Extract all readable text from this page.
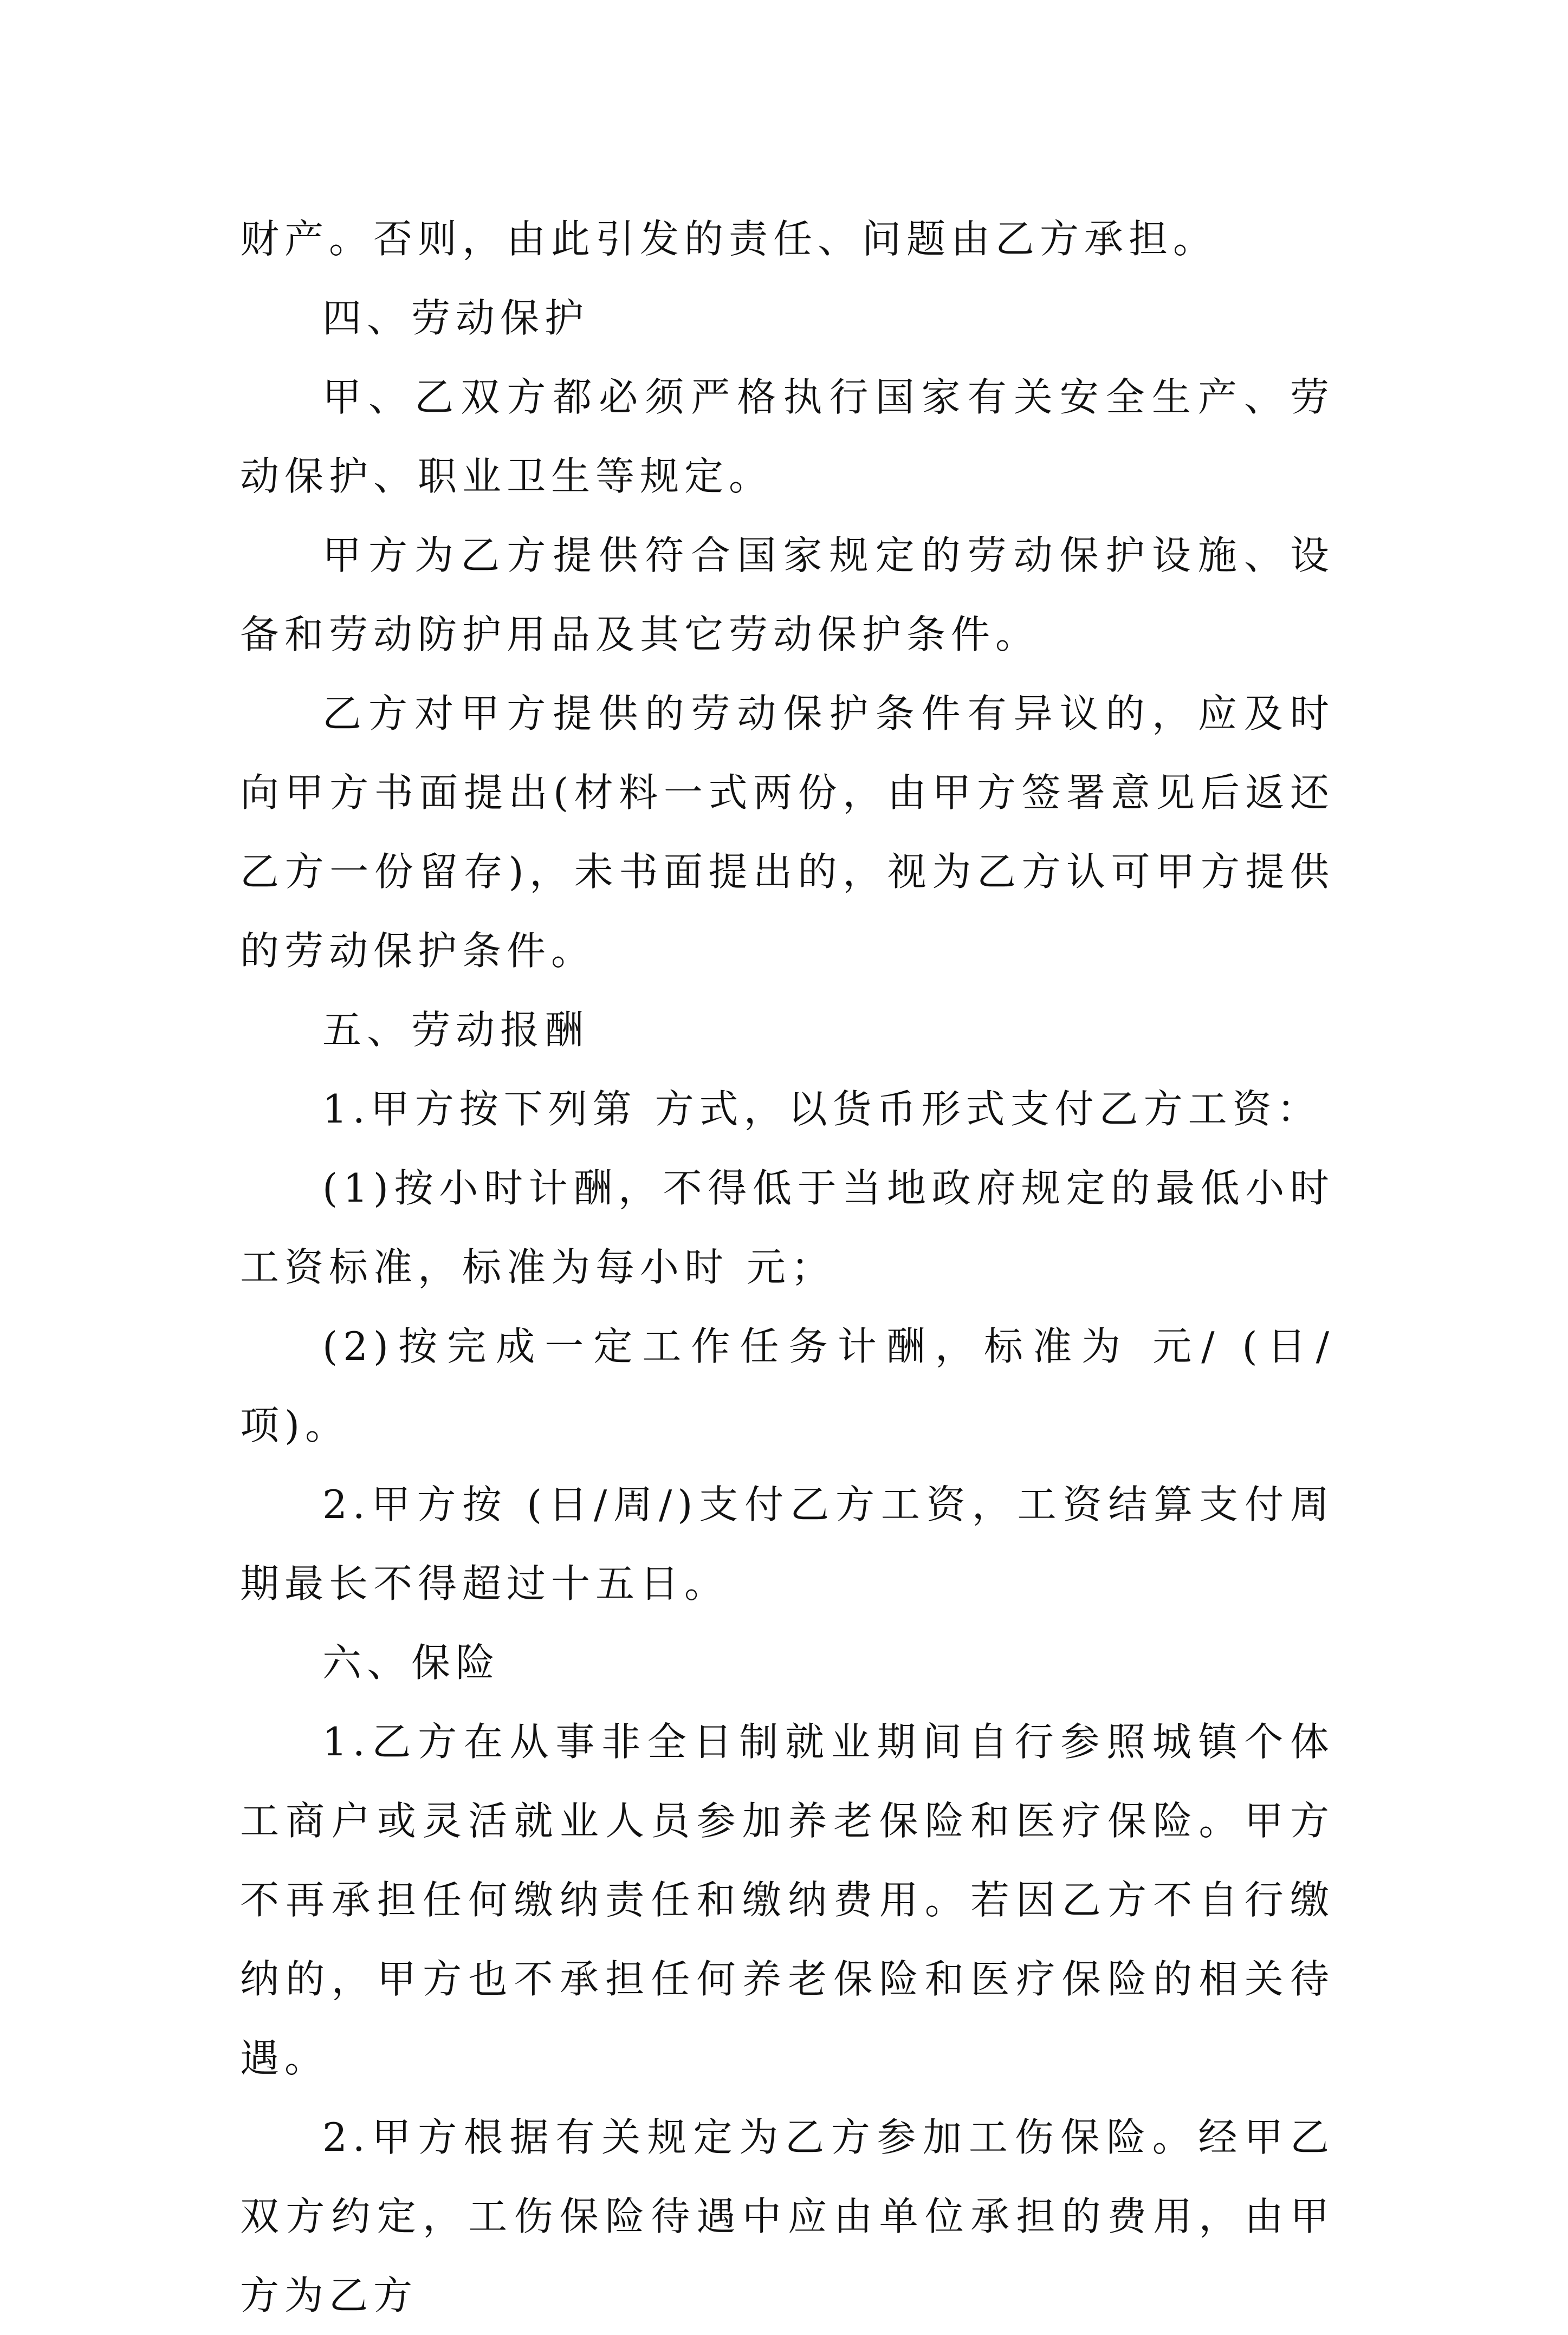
财产。否则，由此引发的责任、问题由乙方承担。

四、劳动保护

甲、乙双方都必须严格执行国家有关安全生产、劳动保护、职业卫生等规定。

甲方为乙方提供符合国家规定的劳动保护设施、设备和劳动防护用品及其它劳动保护条件。

乙方对甲方提供的劳动保护条件有异议的，应及时向甲方书面提出(材料一式两份，由甲方签署意见后返还乙方一份留存)，未书面提出的，视为乙方认可甲方提供的劳动保护条件。

五、劳动报酬

1.甲方按下列第 方式，以货币形式支付乙方工资：

(1)按小时计酬，不得低于当地政府规定的最低小时工资标准，标准为每小时 元；

(2)按完成一定工作任务计酬，标准为 元/ (日/项)。

2.甲方按 (日/周/)支付乙方工资，工资结算支付周期最长不得超过十五日。

六、保险

1.乙方在从事非全日制就业期间自行参照城镇个体工商户或灵活就业人员参加养老保险和医疗保险。甲方不再承担任何缴纳责任和缴纳费用。若因乙方不自行缴纳的，甲方也不承担任何养老保险和医疗保险的相关待遇。

2.甲方根据有关规定为乙方参加工伤保险。经甲乙双方约定，工伤保险待遇中应由单位承担的费用，由甲方为乙方
